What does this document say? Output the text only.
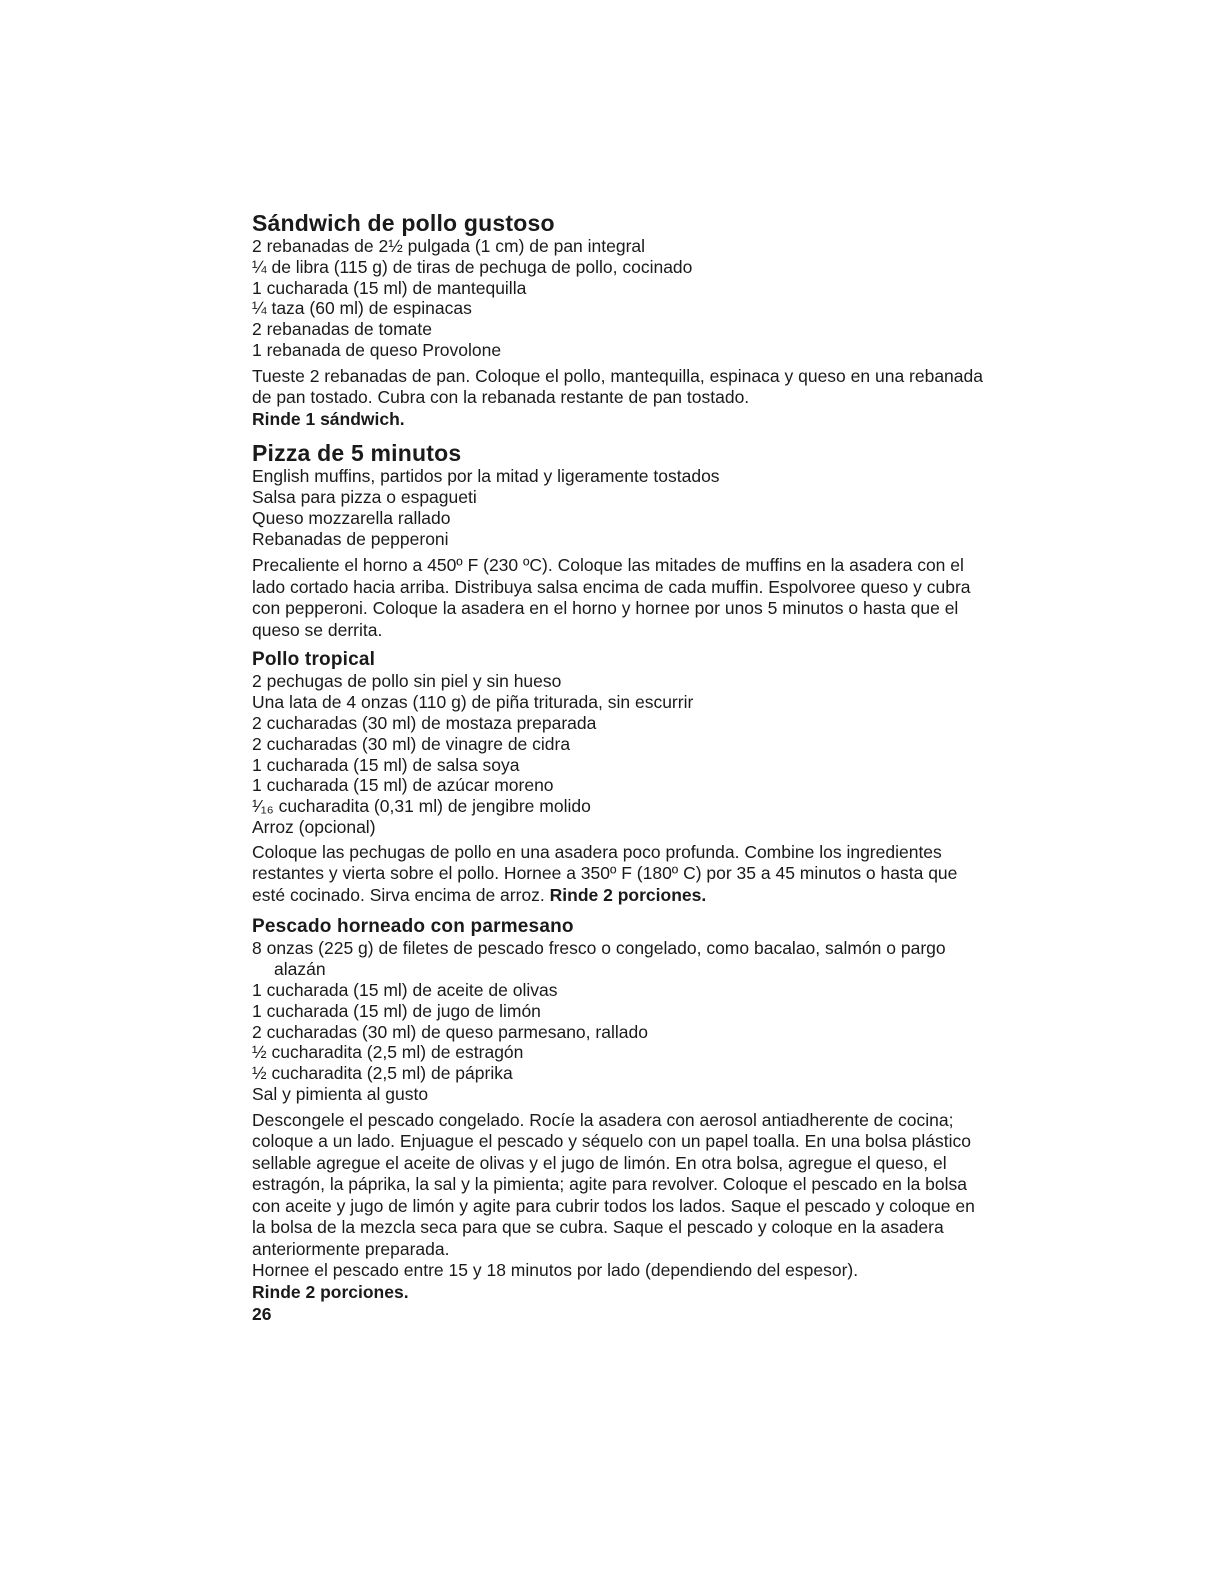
Sándwich de pollo gustoso
2 rebanadas de 2½ pulgada (1 cm) de pan integral
¼ de libra (115 g) de tiras de pechuga de pollo, cocinado
1 cucharada (15 ml) de mantequilla
¼ taza (60 ml) de espinacas
2 rebanadas de tomate
1 rebanada de queso Provolone

Tueste 2 rebanadas de pan. Coloque el pollo, mantequilla, espinaca y queso en una rebanada de pan tostado. Cubra con la rebanada restante de pan tostado.
Rinde 1 sándwich.

Pizza de 5 minutos
English muffins, partidos por la mitad y ligeramente tostados
Salsa para pizza o espagueti
Queso mozzarella rallado
Rebanadas de pepperoni

Precaliente el horno a 450º F (230 ºC). Coloque las mitades de muffins en la asadera con el lado cortado hacia arriba. Distribuya salsa encima de cada muffin. Espolvoree queso y cubra con pepperoni. Coloque la asadera en el horno y hornee por unos 5 minutos o hasta que el queso se derrita.

Pollo tropical
2 pechugas de pollo sin piel y sin hueso
Una lata de 4 onzas (110 g) de piña triturada, sin escurrir
2 cucharadas (30 ml) de mostaza preparada
2 cucharadas (30 ml) de vinagre de cidra
1 cucharada (15 ml) de salsa soya
1 cucharada (15 ml) de azúcar moreno
¹⁄₁₆ cucharadita (0,31 ml) de jengibre molido
Arroz (opcional)

Coloque las pechugas de pollo en una asadera poco profunda. Combine los ingredientes restantes y vierta sobre el pollo. Hornee a 350º F (180º C) por 35 a 45 minutos o hasta que esté cocinado. Sirva encima de arroz. Rinde 2 porciones.

Pescado horneado con parmesano
8 onzas (225 g) de filetes de pescado fresco o congelado, como bacalao, salmón o pargo alazán
1 cucharada (15 ml) de aceite de olivas
1 cucharada (15 ml) de jugo de limón
2 cucharadas (30 ml) de queso parmesano, rallado
½ cucharadita (2,5 ml) de estragón
½ cucharadita (2,5 ml) de páprika
Sal y pimienta al gusto

Descongele el pescado congelado. Rocíe la asadera con aerosol antiadherente de cocina; coloque a un lado. Enjuague el pescado y séquelo con un papel toalla. En una bolsa plástico sellable agregue el aceite de olivas y el jugo de limón. En otra bolsa, agregue el queso, el estragón, la páprika, la sal y la pimienta; agite para revolver. Coloque el pescado en la bolsa con aceite y jugo de limón y agite para cubrir todos los lados. Saque el pescado y coloque en la bolsa de la mezcla seca para que se cubra. Saque el pescado y coloque en la asadera anteriormente preparada.

Hornee el pescado entre 15 y 18 minutos por lado (dependiendo del espesor).
Rinde 2 porciones.

26
